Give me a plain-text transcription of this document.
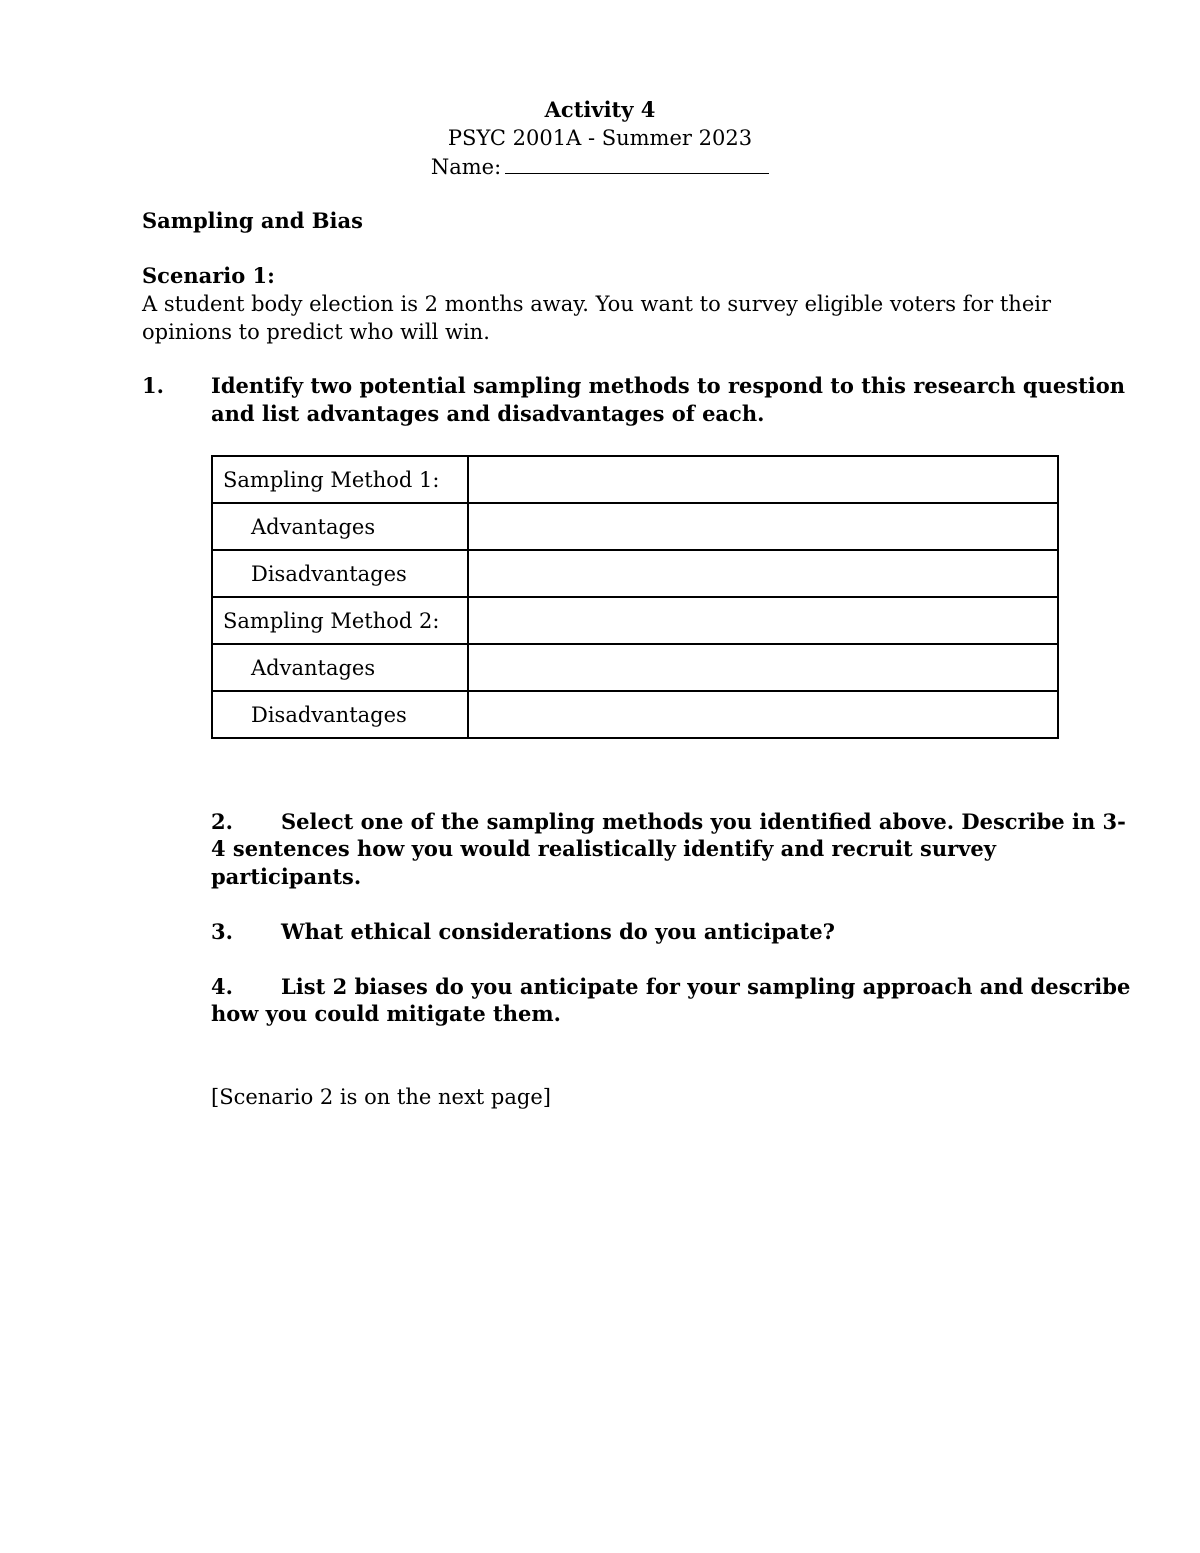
Activity 4
PSYC 2001A - Summer 2023
Name:
Sampling and Bias
Scenario 1:
A student body election is 2 months away. You want to survey eligible voters for their
opinions to predict who will win.
1. Identify two potential sampling methods to respond to this research question
and list advantages and disadvantages of each.
Sampling Method 1:	
Advantages	
Disadvantages	
Sampling Method 2:	
Advantages	
Disadvantages	
2. Select one of the sampling methods you identified above. Describe in 3-
4 sentences how you would realistically identify and recruit survey
participants.
3. What ethical considerations do you anticipate?
4. List 2 biases do you anticipate for your sampling approach and describe
how you could mitigate them.
[Scenario 2 is on the next page]
